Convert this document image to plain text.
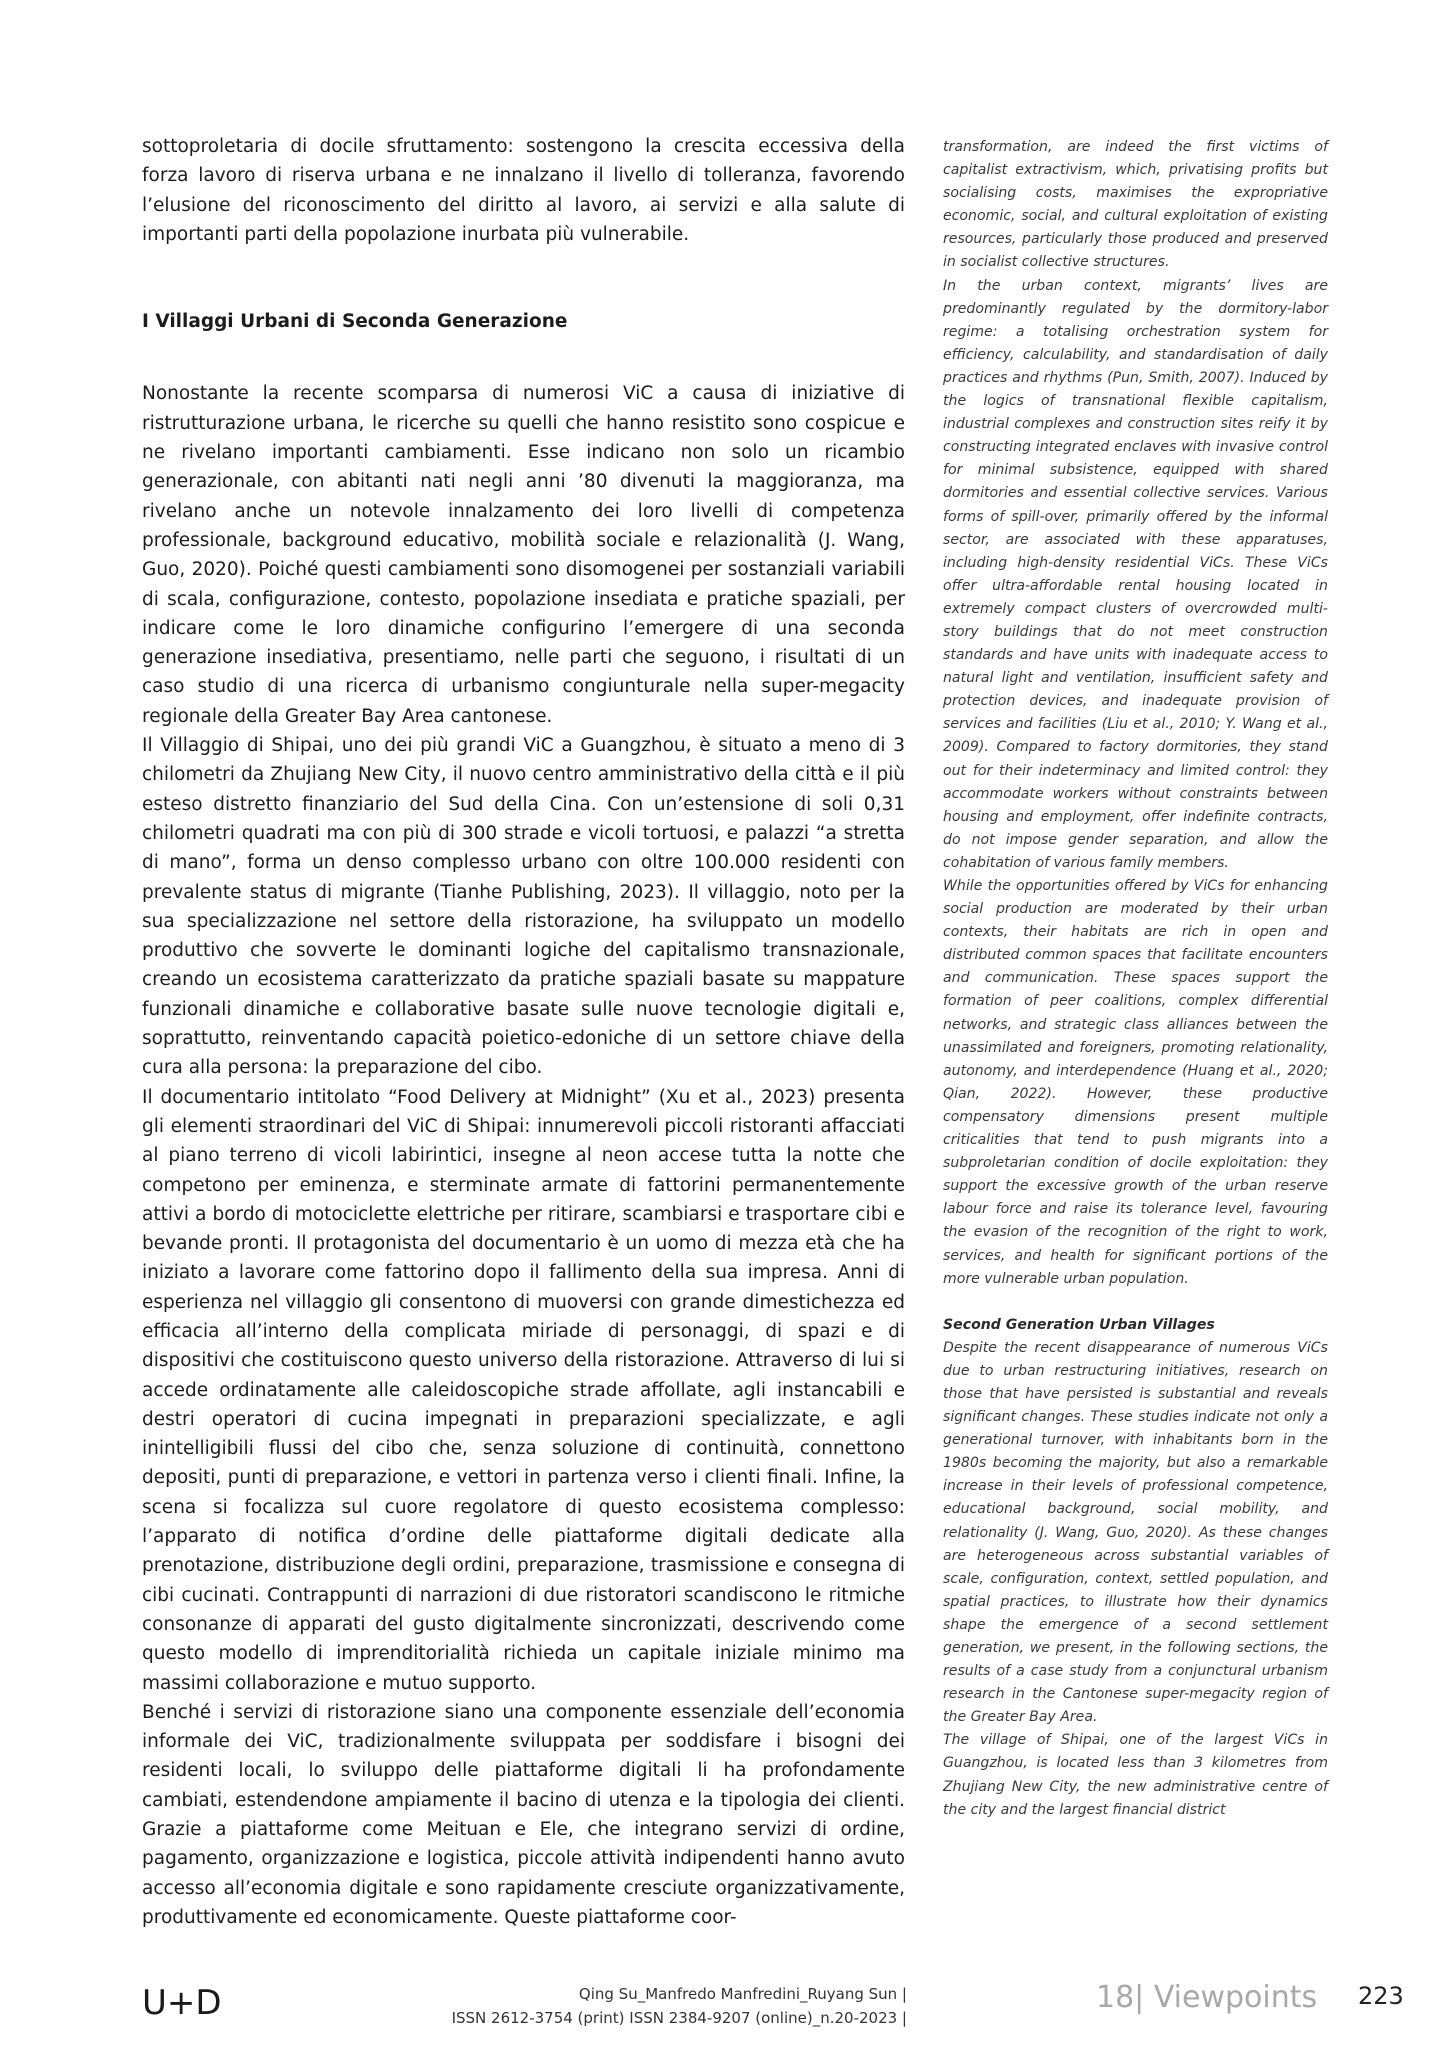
sottoproletaria di docile sfruttamento: sostengono la crescita eccessiva della forza lavoro di riserva urbana e ne innalzano il livello di tolleranza, favorendo l’elusione del riconoscimento del diritto al lavoro, ai servizi e alla salute di importanti parti della popolazione inurbata più vulnerabile.

I Villaggi Urbani di Seconda Generazione

Nonostante la recente scomparsa di numerosi ViC a causa di iniziative di ristrutturazione urbana, le ricerche su quelli che hanno resistito sono cospicue e ne rivelano importanti cambiamenti. Esse indicano non solo un ricambio generazionale, con abitanti nati negli anni ’80 divenuti la maggioranza, ma rivelano anche un notevole innalzamento dei loro livelli di competenza professionale, background educativo, mobilità sociale e relazionalità (J. Wang, Guo, 2020). Poiché questi cambiamenti sono disomogenei per sostanziali variabili di scala, configurazione, contesto, popolazione insediata e pratiche spaziali, per indicare come le loro dinamiche configurino l’emergere di una seconda generazione insediativa, presentiamo, nelle parti che seguono, i risultati di un caso studio di una ricerca di urbanismo congiunturale nella super-megacity regionale della Greater Bay Area cantonese.

Il Villaggio di Shipai, uno dei più grandi ViC a Guangzhou, è situato a meno di 3 chilometri da Zhujiang New City, il nuovo centro amministrativo della città e il più esteso distretto finanziario del Sud della Cina. Con un’estensione di soli 0,31 chilometri quadrati ma con più di 300 strade e vicoli tortuosi, e palazzi “a stretta di mano”, forma un denso complesso urbano con oltre 100.000 residenti con prevalente status di migrante (Tianhe Publishing, 2023). Il villaggio, noto per la sua specializzazione nel settore della ristorazione, ha sviluppato un modello produttivo che sovverte le dominanti logiche del capitalismo transnazionale, creando un ecosistema caratterizzato da pratiche spaziali basate su mappature funzionali dinamiche e collaborative basate sulle nuove tecnologie digitali e, soprattutto, reinventando capacità poietico-edoniche di un settore chiave della cura alla persona: la preparazione del cibo.

Il documentario intitolato “Food Delivery at Midnight” (Xu et al., 2023) presenta gli elementi straordinari del ViC di Shipai: innumerevoli piccoli ristoranti affacciati al piano terreno di vicoli labirintici, insegne al neon accese tutta la notte che competono per eminenza, e sterminate armate di fattorini permanentemente attivi a bordo di motociclette elettriche per ritirare, scambiarsi e trasportare cibi e bevande pronti. Il protagonista del documentario è un uomo di mezza età che ha iniziato a lavorare come fattorino dopo il fallimento della sua impresa. Anni di esperienza nel villaggio gli consentono di muoversi con grande dimestichezza ed efficacia all’interno della complicata miriade di personaggi, di spazi e di dispositivi che costituiscono questo universo della ristorazione. Attraverso di lui si accede ordinatamente alle caleidoscopiche strade affollate, agli instancabili e destri operatori di cucina impegnati in preparazioni specializzate, e agli inintelligibili flussi del cibo che, senza soluzione di continuità, connettono depositi, punti di preparazione, e vettori in partenza verso i clienti finali. Infine, la scena si focalizza sul cuore regolatore di questo ecosistema complesso: l’apparato di notifica d’ordine delle piattaforme digitali dedicate alla prenotazione, distribuzione degli ordini, preparazione, trasmissione e consegna di cibi cucinati. Contrappunti di narrazioni di due ristoratori scandiscono le ritmiche consonanze di apparati del gusto digitalmente sincronizzati, descrivendo come questo modello di imprenditorialità richieda un capitale iniziale minimo ma massimi collaborazione e mutuo supporto.

Benché i servizi di ristorazione siano una componente essenziale dell’economia informale dei ViC, tradizionalmente sviluppata per soddisfare i bisogni dei residenti locali, lo sviluppo delle piattaforme digitali li ha profondamente cambiati, estendendone ampiamente il bacino di utenza e la tipologia dei clienti. Grazie a piattaforme come Meituan e Ele, che integrano servizi di ordine, pagamento, organizzazione e logistica, piccole attività indipendenti hanno avuto accesso all’economia digitale e sono rapidamente cresciute organizzativamente, produttivamente ed economicamente. Queste piattaforme coor-

transformation, are indeed the first victims of capitalist extractivism, which, privatising profits but socialising costs, maximises the expropriative economic, social, and cultural exploitation of existing resources, particularly those produced and preserved in socialist collective structures.

In the urban context, migrants’ lives are predominantly regulated by the dormitory-labor regime: a totalising orchestration system for efficiency, calculability, and standardisation of daily practices and rhythms (Pun, Smith, 2007). Induced by the logics of transnational flexible capitalism, industrial complexes and construction sites reify it by constructing integrated enclaves with invasive control for minimal subsistence, equipped with shared dormitories and essential collective services. Various forms of spill-over, primarily offered by the informal sector, are associated with these apparatuses, including high-density residential ViCs. These ViCs offer ultra-affordable rental housing located in extremely compact clusters of overcrowded multi-story buildings that do not meet construction standards and have units with inadequate access to natural light and ventilation, insufficient safety and protection devices, and inadequate provision of services and facilities (Liu et al., 2010; Y. Wang et al., 2009). Compared to factory dormitories, they stand out for their indeterminacy and limited control: they accommodate workers without constraints between housing and employment, offer indefinite contracts, do not impose gender separation, and allow the cohabitation of various family members.

While the opportunities offered by ViCs for enhancing social production are moderated by their urban contexts, their habitats are rich in open and distributed common spaces that facilitate encounters and communication. These spaces support the formation of peer coalitions, complex differential networks, and strategic class alliances between the unassimilated and foreigners, promoting relationality, autonomy, and interdependence (Huang et al., 2020; Qian, 2022). However, these productive compensatory dimensions present multiple criticalities that tend to push migrants into a subproletarian condition of docile exploitation: they support the excessive growth of the urban reserve labour force and raise its tolerance level, favouring the evasion of the recognition of the right to work, services, and health for significant portions of the more vulnerable urban population.

Second Generation Urban Villages

Despite the recent disappearance of numerous ViCs due to urban restructuring initiatives, research on those that have persisted is substantial and reveals significant changes. These studies indicate not only a generational turnover, with inhabitants born in the 1980s becoming the majority, but also a remarkable increase in their levels of professional competence, educational background, social mobility, and relationality (J. Wang, Guo, 2020). As these changes are heterogeneous across substantial variables of scale, configuration, context, settled population, and spatial practices, to illustrate how their dynamics shape the emergence of a second settlement generation, we present, in the following sections, the results of a case study from a conjunctural urbanism research in the Cantonese super-megacity region of the Greater Bay Area.

The village of Shipai, one of the largest ViCs in Guangzhou, is located less than 3 kilometres from Zhujiang New City, the new administrative centre of the city and the largest financial district

U+D	Qing Su_Manfredo Manfredini_Ruyang Sun |
ISSN 2612-3754 (print) ISSN 2384-9207 (online)_n.20-2023 |
18| Viewpoints 223
